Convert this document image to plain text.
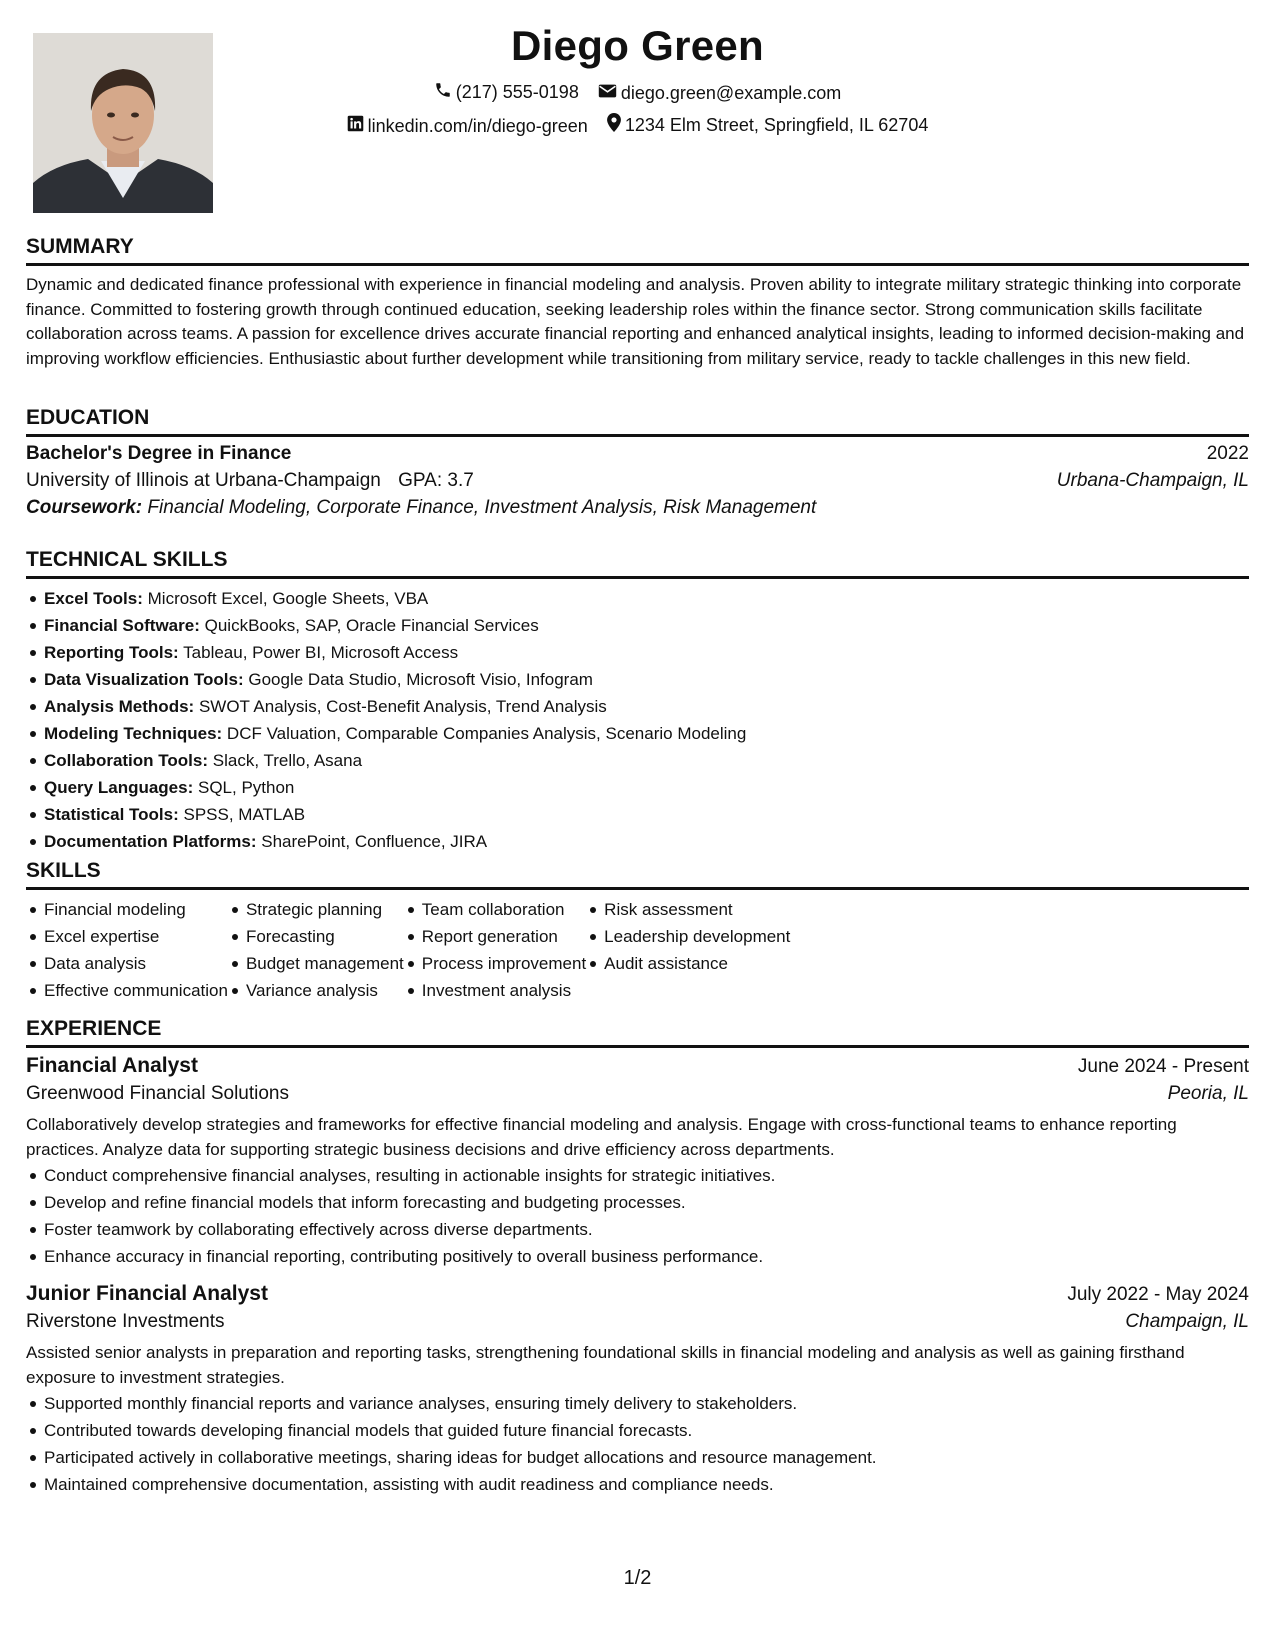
Diego Green
(217) 555-0198
diego.green@example.com
linkedin.com/in/diego-green
1234 Elm Street, Springfield, IL 62704
SUMMARY
Dynamic and dedicated finance professional with experience in financial modeling and analysis. Proven ability to integrate military strategic thinking into corporate finance. Committed to fostering growth through continued education, seeking leadership roles within the finance sector. Strong communication skills facilitate collaboration across teams. A passion for excellence drives accurate financial reporting and enhanced analytical insights, leading to informed decision-making and improving workflow efficiencies. Enthusiastic about further development while transitioning from military service, ready to tackle challenges in this new field.
EDUCATION
Bachelor's Degree in Finance	2022
University of Illinois at Urbana-Champaign GPA: 3.7	Urbana-Champaign, IL
Coursework: Financial Modeling, Corporate Finance, Investment Analysis, Risk Management
TECHNICAL SKILLS
Excel Tools: Microsoft Excel, Google Sheets, VBA
Financial Software: QuickBooks, SAP, Oracle Financial Services
Reporting Tools: Tableau, Power BI, Microsoft Access
Data Visualization Tools: Google Data Studio, Microsoft Visio, Infogram
Analysis Methods: SWOT Analysis, Cost-Benefit Analysis, Trend Analysis
Modeling Techniques: DCF Valuation, Comparable Companies Analysis, Scenario Modeling
Collaboration Tools: Slack, Trello, Asana
Query Languages: SQL, Python
Statistical Tools: SPSS, MATLAB
Documentation Platforms: SharePoint, Confluence, JIRA
SKILLS
Financial modeling
Excel expertise
Data analysis
Effective communication
Strategic planning
Forecasting
Budget management
Variance analysis
Team collaboration
Report generation
Process improvement
Investment analysis
Risk assessment
Leadership development
Audit assistance
EXPERIENCE
Financial Analyst	June 2024 - Present
Greenwood Financial Solutions	Peoria, IL
Collaboratively develop strategies and frameworks for effective financial modeling and analysis. Engage with cross-functional teams to enhance reporting practices. Analyze data for supporting strategic business decisions and drive efficiency across departments.
Conduct comprehensive financial analyses, resulting in actionable insights for strategic initiatives.
Develop and refine financial models that inform forecasting and budgeting processes.
Foster teamwork by collaborating effectively across diverse departments.
Enhance accuracy in financial reporting, contributing positively to overall business performance.
Junior Financial Analyst	July 2022 - May 2024
Riverstone Investments	Champaign, IL
Assisted senior analysts in preparation and reporting tasks, strengthening foundational skills in financial modeling and analysis as well as gaining firsthand exposure to investment strategies.
Supported monthly financial reports and variance analyses, ensuring timely delivery to stakeholders.
Contributed towards developing financial models that guided future financial forecasts.
Participated actively in collaborative meetings, sharing ideas for budget allocations and resource management.
Maintained comprehensive documentation, assisting with audit readiness and compliance needs.
1/2
